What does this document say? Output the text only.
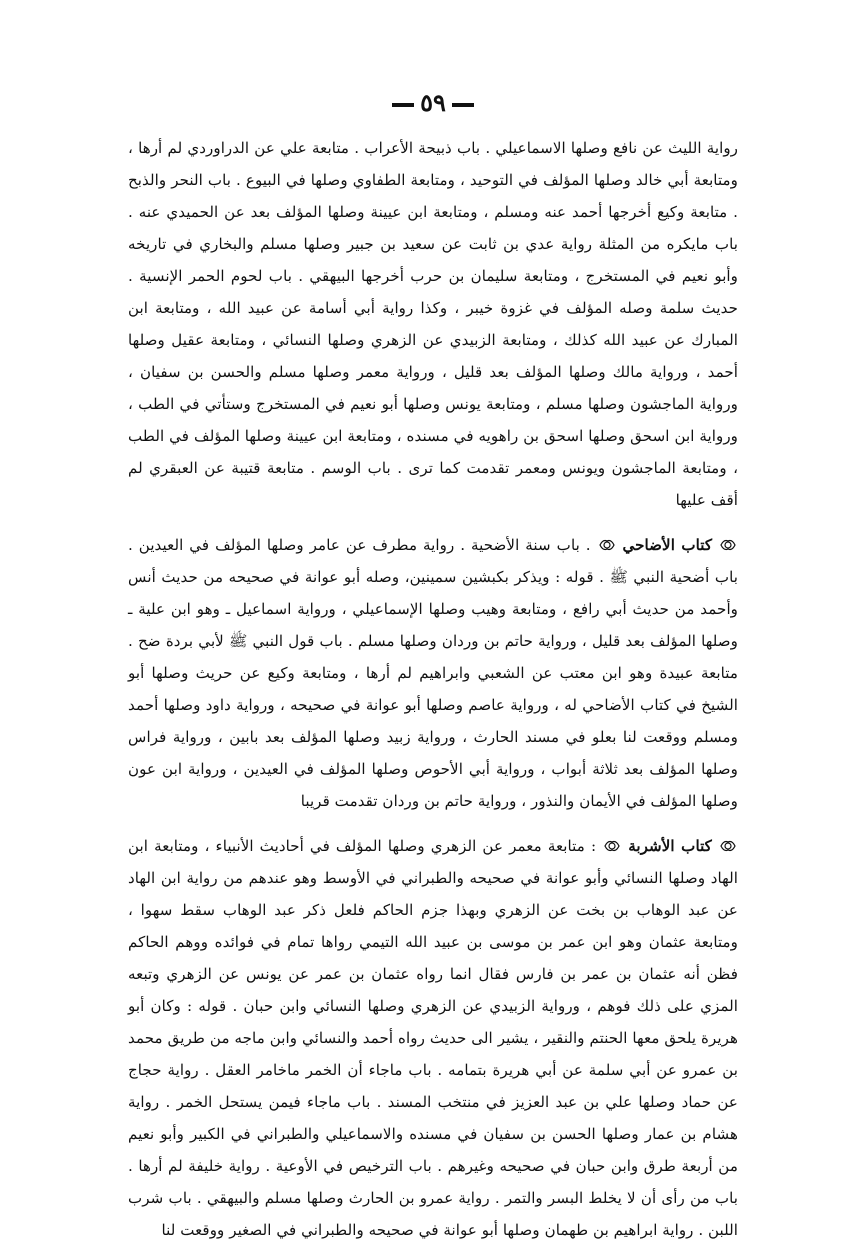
٥٩

رواية الليث عن نافع وصلها الاسماعيلي . باب ذبيحة الأعراب . متابعة علي عن الدراوردي لم أرها ، ومتابعة أبي خالد وصلها المؤلف في التوحيد ، ومتابعة الطفاوي وصلها في البيوع . باب النحر والذبح . متابعة وكيع أخرجها أحمد عنه ومسلم ، ومتابعة ابن عيينة وصلها المؤلف بعد عن الحميدي عنه . باب مايكره من المثلة رواية عدي بن ثابت عن سعيد بن جبير وصلها مسلم والبخاري في تاريخه وأبو نعيم في المستخرج ، ومتابعة سليمان بن حرب أخرجها البيهقي . باب لحوم الحمر الإنسية . حديث سلمة وصله المؤلف في غزوة خيبر ، وكذا رواية أبي أسامة عن عبيد الله ، ومتابعة ابن المبارك عن عبيد الله كذلك ، ومتابعة الزبيدي عن الزهري وصلها النسائي ، ومتابعة عقيل وصلها أحمد ، ورواية مالك وصلها المؤلف بعد قليل ، ورواية معمر وصلها مسلم والحسن بن سفيان ، ورواية الماجشون وصلها مسلم ، ومتابعة يونس وصلها أبو نعيم في المستخرج وستأتي في الطب ، ورواية ابن اسحق وصلها اسحق بن راهويه في مسنده ، ومتابعة ابن عيينة وصلها المؤلف في الطب ، ومتابعة الماجشون ويونس ومعمر تقدمت كما ترى . باب الوسم . متابعة قتيبة عن العبقري لم أقف عليها

كتاب الأضاحي  . باب سنة الأضحية . رواية مطرف عن عامر وصلها المؤلف في العيدين . باب أضحية النبي ﷺ . قوله : ويذكر بكبشين سمينين، وصله أبو عوانة في صحيحه من حديث أنس وأحمد من حديث أبي رافع ، ومتابعة وهيب وصلها الإسماعيلي ، ورواية اسماعيل ـ وهو ابن علية ـ وصلها المؤلف بعد قليل ، ورواية حاتم بن وردان وصلها مسلم . باب قول النبي ﷺ لأبي بردة ضح . متابعة عبيدة وهو ابن معتب عن الشعبي وابراهيم لم أرها ، ومتابعة وكيع عن حريث وصلها أبو الشيخ في كتاب الأضاحي له ، ورواية عاصم وصلها أبو عوانة في صحيحه ، ورواية داود وصلها أحمد ومسلم ووقعت لنا بعلو في مسند الحارث ، ورواية زبيد وصلها المؤلف بعد بابين ، ورواية فراس وصلها المؤلف بعد ثلاثة أبواب ، ورواية أبي الأحوص وصلها المؤلف في العيدين ، ورواية ابن عون وصلها المؤلف في الأيمان والنذور ، ورواية حاتم بن وردان تقدمت قريبا

كتاب الأشربة  : متابعة معمر عن الزهري وصلها المؤلف في أحاديث الأنبياء ، ومتابعة ابن الهاد وصلها النسائي وأبو عوانة في صحيحه والطبراني في الأوسط وهو عندهم من رواية ابن الهاد عن عبد الوهاب بن بخت عن الزهري وبهذا جزم الحاكم فلعل ذكر عبد الوهاب سقط سهوا ، ومتابعة عثمان وهو ابن عمر بن موسى بن عبيد الله التيمي رواها تمام في فوائده ووهم الحاكم فظن أنه عثمان بن عمر بن فارس فقال انما رواه عثمان بن عمر عن يونس عن الزهري وتبعه المزي على ذلك فوهم ، ورواية الزبيدي عن الزهري وصلها النسائي وابن حبان . قوله : وكان أبو هريرة يلحق معها الحنتم والنقير ، يشير الى حديث رواه أحمد والنسائي وابن ماجه من طريق محمد بن عمرو عن أبي سلمة عن أبي هريرة بتمامه . باب ماجاء أن الخمر ماخامر العقل . رواية حجاج عن حماد وصلها علي بن عبد العزيز في منتخب المسند . باب ماجاء فيمن يستحل الخمر . رواية هشام بن عمار وصلها الحسن بن سفيان في مسنده والاسماعيلي والطبراني في الكبير وأبو نعيم من أربعة طرق وابن حبان في صحيحه وغيرهم . باب الترخيص في الأوعية . رواية خليفة لم أرها . باب من رأى أن لا يخلط البسر والتمر . رواية عمرو بن الحارث وصلها مسلم والبيهقي . باب شرب اللبن . رواية ابراهيم بن طهمان وصلها أبو عوانة في صحيحه والطبراني في الصغير ووقعت لنا
